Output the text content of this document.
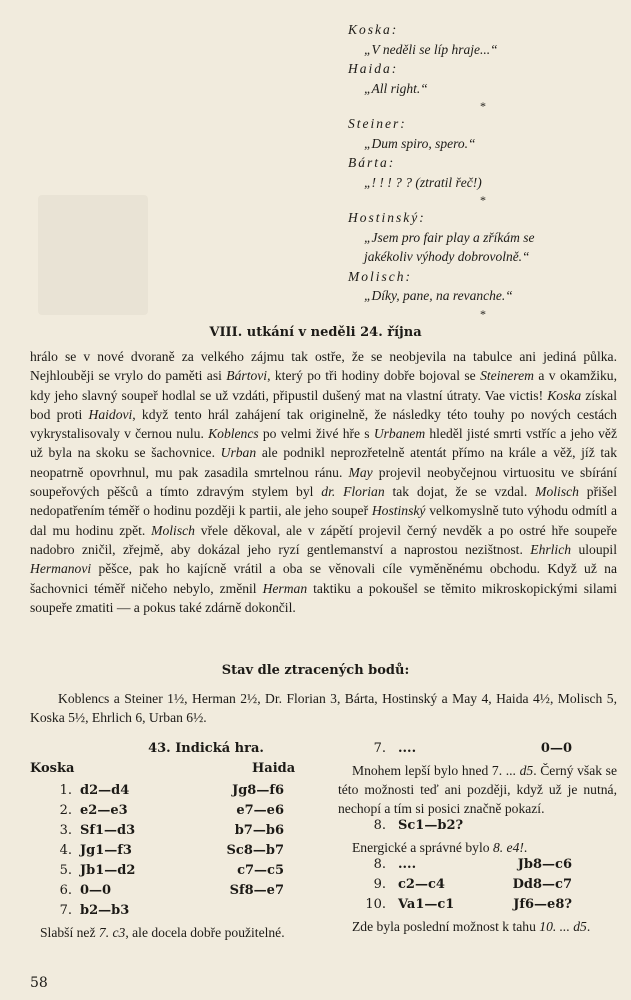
Koska:
„V neděli se líp hraje...“
Haida:
„All right.“
*
Steiner:
„Dum spiro, spero.“
Bárta:
„! ! ! ? ? (ztratil řeč!)
*
Hostinský:
„Jsem pro fair play a zříkám se
jakékoliv výhody dobrovolně.“
Molisch:
„Díky, pane, na revanche.“
*
VIII. utkání v neděli 24. října
hrálo se v nové dvoraně za velkého zájmu tak ostře, že se neobjevila na tabulce ani jediná půlka. Nejhlouběji se vrylo do paměti asi Bártovi, který po tři hodiny dobře bojoval se Steinerem a v okamžiku, kdy jeho slavný soupeř hodlal se už vzdáti, připustil dušený mat na vlastní útraty. Vae victis! Koska získal bod proti Haidovi, když tento hrál zahájení tak originelně, že následky této touhy po nových cestách vykrystalisovaly v černou nulu. Koblencs po velmi živé hře s Urbanem hleděl jisté smrti vstříc a jeho věž už byla na skoku se šachovnice. Urban ale podnikl neprozřetelně atentát přímo na krále a věž, jíž tak neopatrně opovrhnul, mu pak zasadila smrtelnou ránu. May projevil neobyčejnou virtuositu ve sbírání soupeřových pěšců a tímto zdravým stylem byl dr. Florian tak dojat, že se vzdal. Molisch přišel nedopatřením téměř o hodinu později k partii, ale jeho soupeř Hostinský velkomyslně tuto výhodu odmítl a dal mu hodinu zpět. Molisch vřele děkoval, ale v zápětí projevil černý nevděk a po ostré hře soupeře nadobro zničil, zřejmě, aby dokázal jeho ryzí gentlemanství a naprostou nezištnost. Ehrlich uloupil Hermanovi pěšce, pak ho kajícně vrátil a oba se věnovali cíle vyměněnému obchodu. Když už na šachovnici téměř ničeho nebylo, změnil Herman taktiku a pokoušel se těmito mikroskopickými silami soupeře zmatiti — a pokus také zdárně dokončil.
Stav dle ztracených bodů:
Koblencs a Steiner 1½, Herman 2½, Dr. Florian 3, Bárta, Hostinský a May 4, Haida 4½, Molisch 5, Koska 5½, Ehrlich 6, Urban 6½.
43. Indická hra.
Koska	Haida
1. d2—d4	Jg8—f6
2. e2—e3	e7—e6
3. Sf1—d3	b7—b6
4. Jg1—f3	Sc8—b7
5. Jb1—d2	c7—c5
6. 0—0	Sf8—e7
7. b2—b3
Slabší než 7. c3, ale docela dobře použitelné.
7. ....	0—0
Mnohem lepší bylo hned 7. ... d5. Černý však se této možnosti teď ani později, když už je nutná, nechopí a tím si posici značně pokazí.
8. Sc1—b2?
Energické a správné bylo 8. e4!.
8. ....	Jb8—c6
9. c2—c4	Dd8—c7
10. Va1—c1	Jf6—e8?
Zde byla poslední možnost k tahu 10. ... d5.
58
